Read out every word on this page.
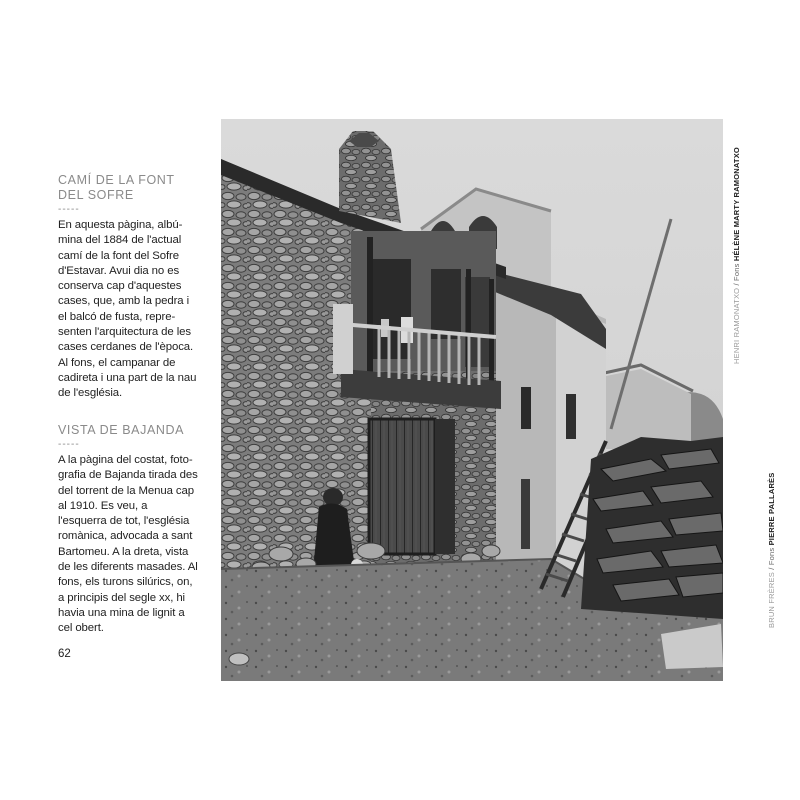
CAMÍ DE LA FONT
DEL SOFRE
-----
En aquesta pàgina, albúmina del 1884 de l'actual camí de la font del Sofre d'Estavar. Avui dia no es conserva cap d'aquestes cases, que, amb la pedra i el balcó de fusta, representen l'arquitectura de les cases cerdanes de l'època. Al fons, el campanar de cadireta i una part de la nau de l'església.
VISTA DE BAJANDA
-----
A la pàgina del costat, fotografia de Bajanda tirada des del torrent de la Menua cap al 1910. Es veu, a l'esquerra de tot, l'església romànica, advocada a sant Bartomeu. A la dreta, vista de les diferents masades. Al fons, els turons silúrics, on, a principis del segle xx, hi havia una mina de lignit a cel obert.
62
HENRI RAMONATXO / Fons HÉLÈNE MARTY RAMONATXO
BRUN FRÈRES / Fons PIERRE PALLARÈS
